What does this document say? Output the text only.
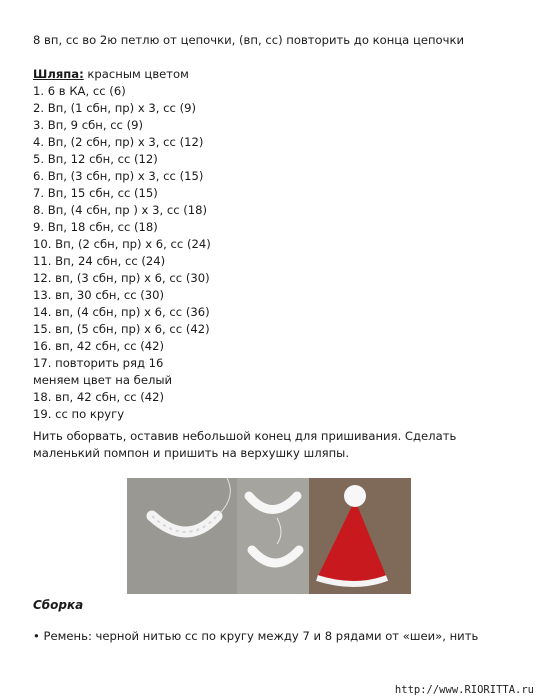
8 вп, сс во 2ю петлю от цепочки, (вп, сс) повторить до конца цепочки
Шляпа: красным цветом
1. 6 в КА, сс (6)
2. Вп, (1 сбн, пр) х 3, сс (9)
3. Вп, 9 сбн, сс (9)
4. Вп, (2 сбн, пр) х 3, сс (12)
5. Вп, 12 сбн, сс (12)
6. Вп, (3 сбн, пр) х 3, сс (15)
7. Вп, 15 сбн, сс (15)
8. Вп, (4 сбн, пр ) х 3, сс (18)
9. Вп, 18 сбн, сс (18)
10. Вп, (2 сбн, пр) х 6, сс (24)
11. Вп, 24 сбн, сс (24)
12. вп, (3 сбн, пр) х 6, сс (30)
13. вп, 30 сбн, сс (30)
14. вп, (4 сбн, пр) х 6, сс (36)
15. вп, (5 сбн, пр) х 6, сс (42)
16. вп, 42 сбн, сс (42)
17. повторить ряд 16
меняем цвет на белый
18. вп, 42 сбн, сс (42)
19. сс по кругу
Нить оборвать, оставив небольшой конец для пришивания. Сделать маленький помпон и пришить на верхушку шляпы.
Сборка
• Ремень: черной нитью сс по кругу между 7 и 8 рядами от «шеи», нить
http://www.RIORITTA.ru
